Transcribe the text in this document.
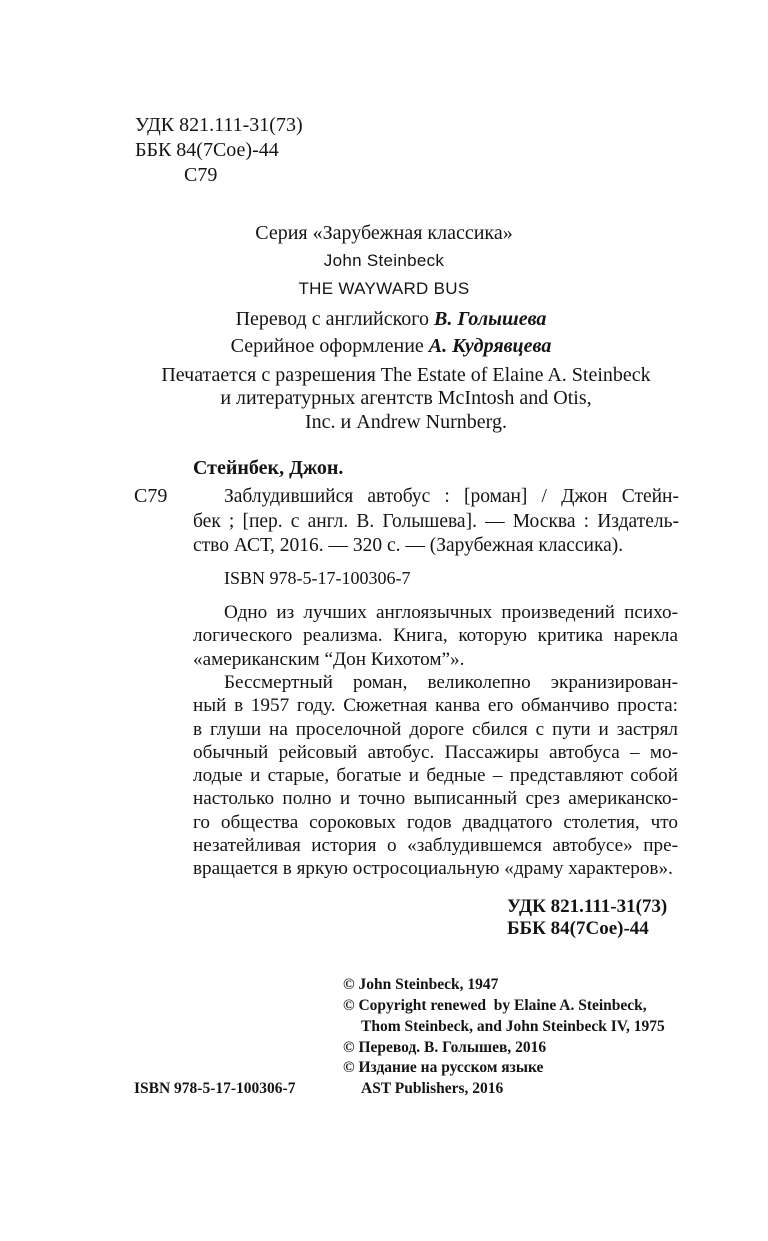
УДК 821.111-31(73)
ББК 84(7Сое)-44
С79
Серия «Зарубежная классика»
John Steinbeck
THE WAYWARD BUS
Перевод с английского В. Голышева
Серийное оформление А. Кудрявцева
Печатается с разрешения The Estate of Elaine A. Steinbeck
и литературных агентств McIntosh and Otis,
Inc. и Andrew Nurnberg.
Стейнбек, Джон.
С79	Заблудившийся автобус : [роман] / Джон Стейн-
бек ; [пер. с англ. В. Голышева]. — Москва : Издатель-
ство АСТ, 2016. — 320 с. — (Зарубежная классика).
ISBN 978-5-17-100306-7
Одно из лучших англоязычных произведений психо-
логического реализма. Книга, которую критика нарекла
«американским “Дон Кихотом”».
Бессмертный роман, великолепно экранизирован-
ный в 1957 году. Сюжетная канва его обманчиво проста:
в глуши на проселочной дороге сбился с пути и застрял
обычный рейсовый автобус. Пассажиры автобуса – мо-
лодые и старые, богатые и бедные – представляют собой
настолько полно и точно выписанный срез американско-
го общества сороковых годов двадцатого столетия, что
незатейливая история о «заблудившемся автобусе» пре-
вращается в яркую остросоциальную «драму характеров».
УДК 821.111-31(73)
ББК 84(7Сое)-44
© John Steinbeck, 1947
© Copyright renewed  by Elaine A. Steinbeck,
Thom Steinbeck, and John Steinbeck IV, 1975
© Перевод. В. Голышев, 2016
© Издание на русском языке
AST Publishers, 2016
ISBN 978-5-17-100306-7
